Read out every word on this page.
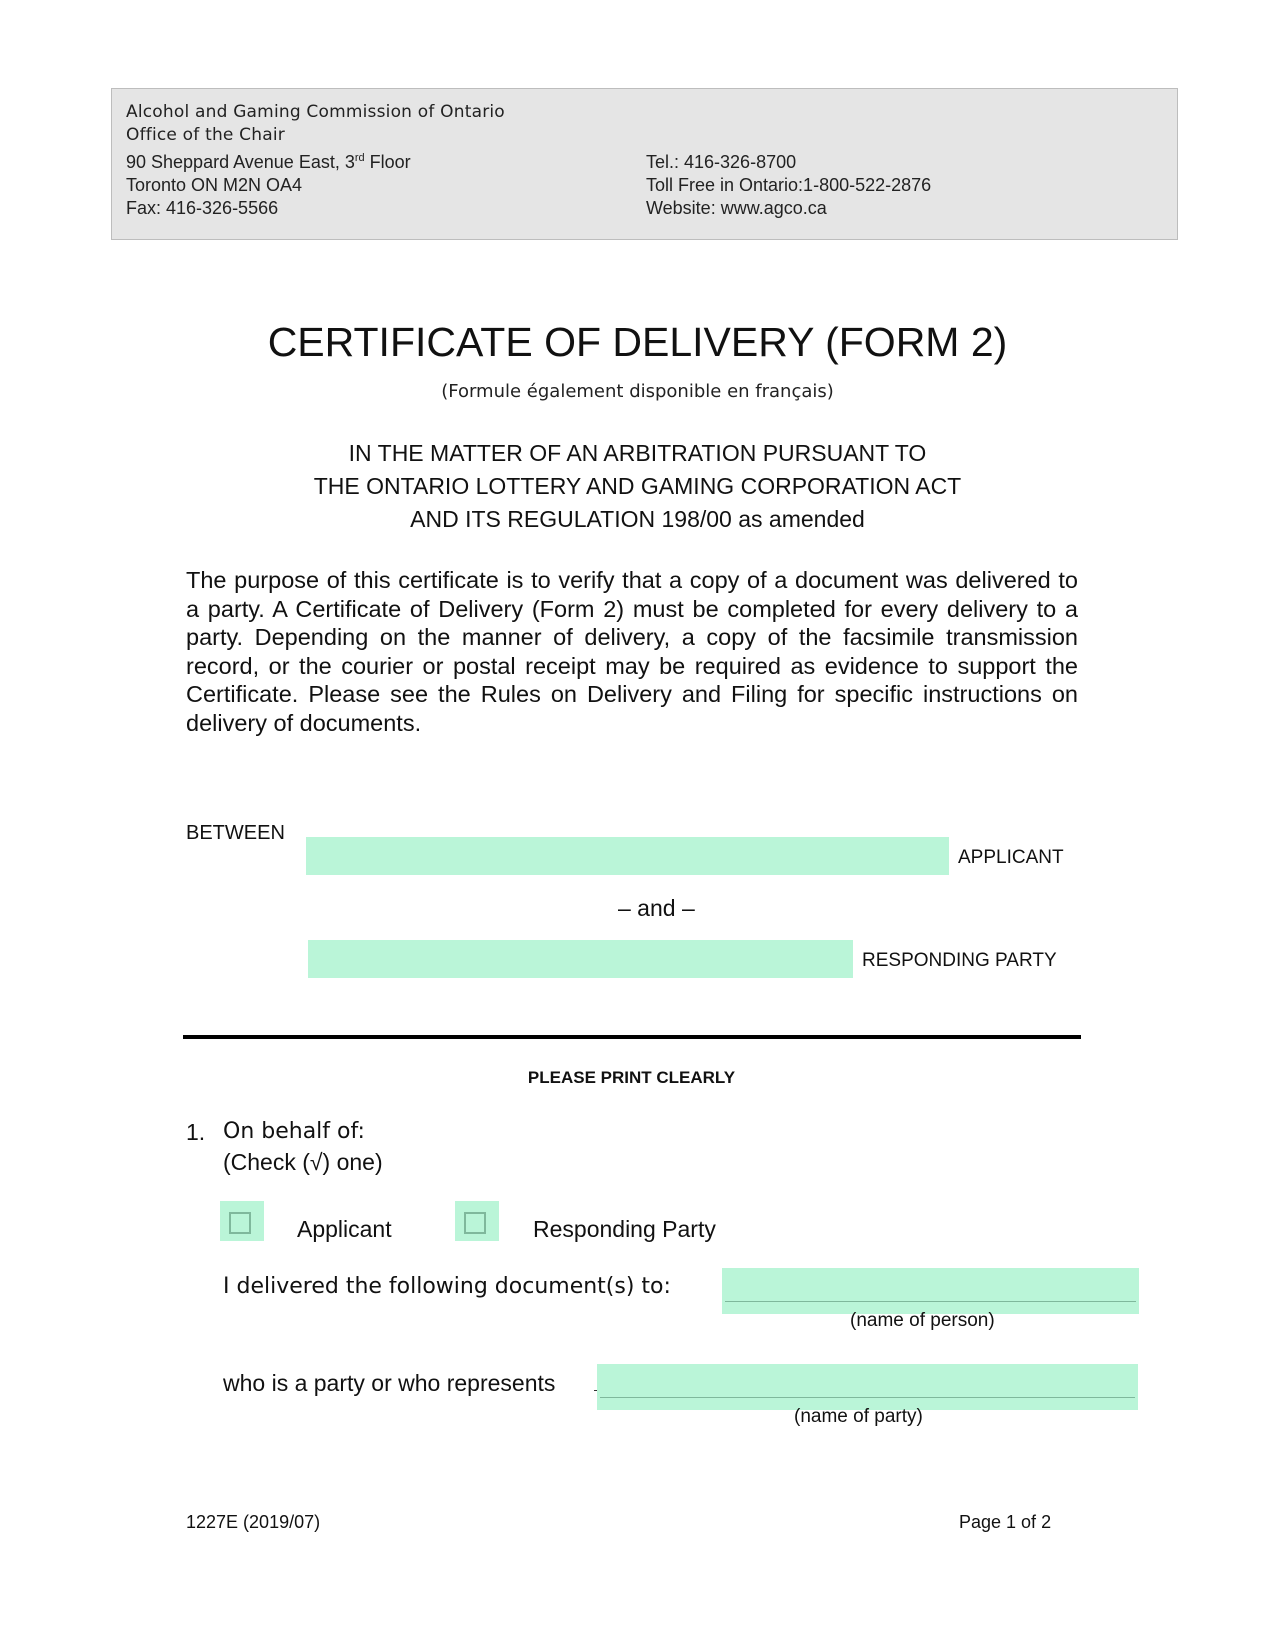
Alcohol and Gaming Commission of Ontario
Office of the Chair
90 Sheppard Avenue East, 3rd Floor
Toronto ON M2N OA4
Fax: 416-326-5566
Tel.: 416-326-8700
Toll Free in Ontario:1-800-522-2876
Website: www.agco.ca
CERTIFICATE OF DELIVERY (FORM 2)
(Formule également disponible en français)
IN THE MATTER OF AN ARBITRATION PURSUANT TO
THE ONTARIO LOTTERY AND GAMING CORPORATION ACT
AND ITS REGULATION 198/00 as amended
The purpose of this certificate is to verify that a copy of a document was delivered to a party. A Certificate of Delivery (Form 2) must be completed for every delivery to a party. Depending on the manner of delivery, a copy of the facsimile transmission record, or the courier or postal receipt may be required as evidence to support the Certificate. Please see the Rules on Delivery and Filing for specific instructions on delivery of documents.
BETWEEN
APPLICANT
– and –
RESPONDING PARTY
PLEASE PRINT CLEARLY
1. On behalf of:
(Check (√) one)
Applicant	Responding Party
I delivered the following document(s) to:
(name of person)
who is a party or who represents
(name of party)
1227E (2019/07)	Page 1 of 2
